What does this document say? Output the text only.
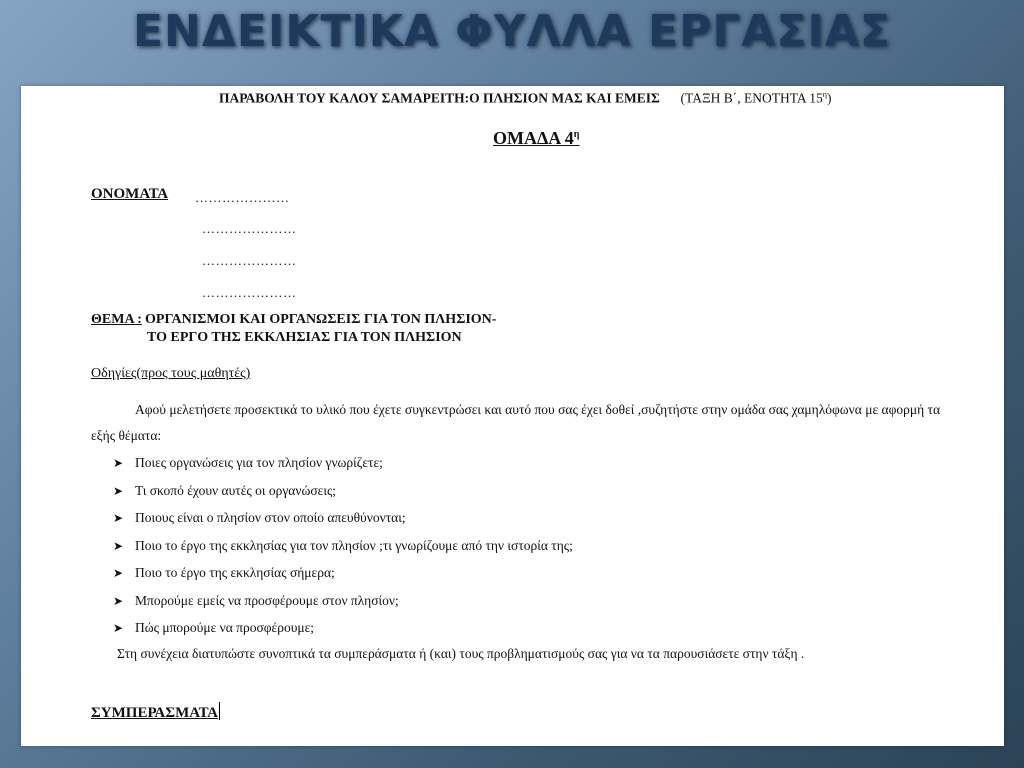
ΕΝΔΕΙΚΤΙΚΑ ΦΥΛΛΑ ΕΡΓΑΣΙΑΣ
ΠΑΡΑΒΟΛΗ ΤΟΥ ΚΑΛΟΥ ΣΑΜΑΡΕΙΤΗ:Ο ΠΛΗΣΙΟΝ ΜΑΣ ΚΑΙ ΕΜΕΙΣ (ΤΑΞΗ Β΄, ΕΝΟΤΗΤΑ $15^\eta$)
ΟΜΑΔΑ $4^\eta$
ΟΝΟΜΑΤΑ …………………
…………………
…………………
…………………
ΘΕΜΑ : ΟΡΓΑΝΙΣΜΟΙ ΚΑΙ ΟΡΓΑΝΩΣΕΙΣ ΓΙΑ ΤΟΝ ΠΛΗΣΙΟΝ-
ΤΟ ΕΡΓΟ ΤΗΣ ΕΚΚΛΗΣΙΑΣ ΓΙΑ ΤΟΝ ΠΛΗΣΙΟΝ
Οδηγίες(προς τους μαθητές)
Αφού μελετήσετε προσεκτικά το υλικό που έχετε συγκεντρώσει και αυτό που σας έχει δοθεί ,συζητήστε στην ομάδα σας χαμηλόφωνα με αφορμή τα
εξής θέματα:
➤ Ποιες οργανώσεις για τον πλησίον γνωρίζετε;
➤ Τι σκοπό έχουν αυτές οι οργανώσεις;
➤ Ποιους είναι ο πλησίον στον οποίο απευθύνονται;
➤ Ποιο το έργο της εκκλησίας για τον πλησίον ;τι γνωρίζουμε από την ιστορία της;
➤ Ποιο το έργο της εκκλησίας σήμερα;
➤ Μπορούμε εμείς να προσφέρουμε στον πλησίον;
➤ Πώς μπορούμε να προσφέρουμε;
Στη συνέχεια διατυπώστε συνοπτικά τα συμπεράσματα ή (και) τους προβληματισμούς σας για να τα παρουσιάσετε στην τάξη .
ΣΥΜΠΕΡΑΣΜΑΤΑ
